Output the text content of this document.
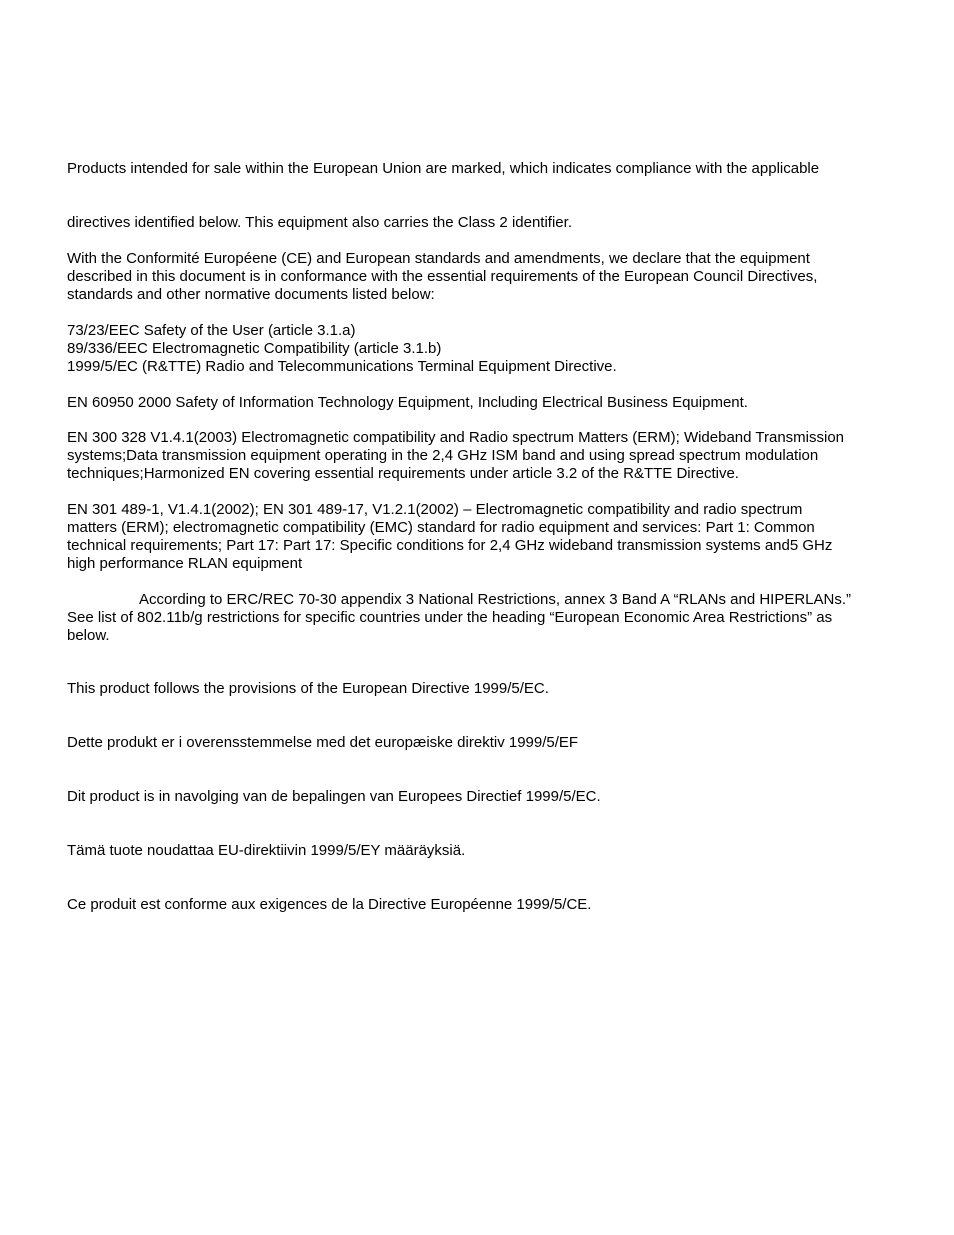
Products intended for sale within the European Union are marked, which indicates compliance with the applicable

directives identified below. This equipment also carries the Class 2 identifier.

With the Conformité Européene (CE) and European standards and amendments, we declare that the equipment
described in this document is in conformance with the essential requirements of the European Council Directives,
standards and other normative documents listed below:

73/23/EEC Safety of the User (article 3.1.a)
89/336/EEC Electromagnetic Compatibility (article 3.1.b)
1999/5/EC (R&TTE) Radio and Telecommunications Terminal Equipment Directive.

EN 60950 2000 Safety of Information Technology Equipment, Including Electrical Business Equipment.

EN 300 328 V1.4.1(2003) Electromagnetic compatibility and Radio spectrum Matters (ERM); Wideband Transmission
systems;Data transmission equipment operating in the 2,4 GHz ISM band and using spread spectrum modulation
techniques;Harmonized EN covering essential requirements under article 3.2 of the R&TTE Directive.

EN 301 489-1, V1.4.1(2002); EN 301 489-17, V1.2.1(2002) – Electromagnetic compatibility and radio spectrum
matters (ERM); electromagnetic compatibility (EMC) standard for radio equipment and services: Part 1: Common
technical requirements; Part 17: Part 17: Specific conditions for 2,4 GHz wideband transmission systems and5 GHz
high performance RLAN equipment

According to ERC/REC 70-30 appendix 3 National Restrictions, annex 3 Band A “RLANs and HIPERLANs.”
See list of 802.11b/g restrictions for specific countries under the heading “European Economic Area Restrictions” as
below.

This product follows the provisions of the European Directive 1999/5/EC.

Dette produkt er i overensstemmelse med det europæiske direktiv 1999/5/EF

Dit product is in navolging van de bepalingen van Europees Directief 1999/5/EC.

Tämä tuote noudattaa EU-direktiivin 1999/5/EY määräyksiä.

Ce produit est conforme aux exigences de la Directive Européenne 1999/5/CE.
